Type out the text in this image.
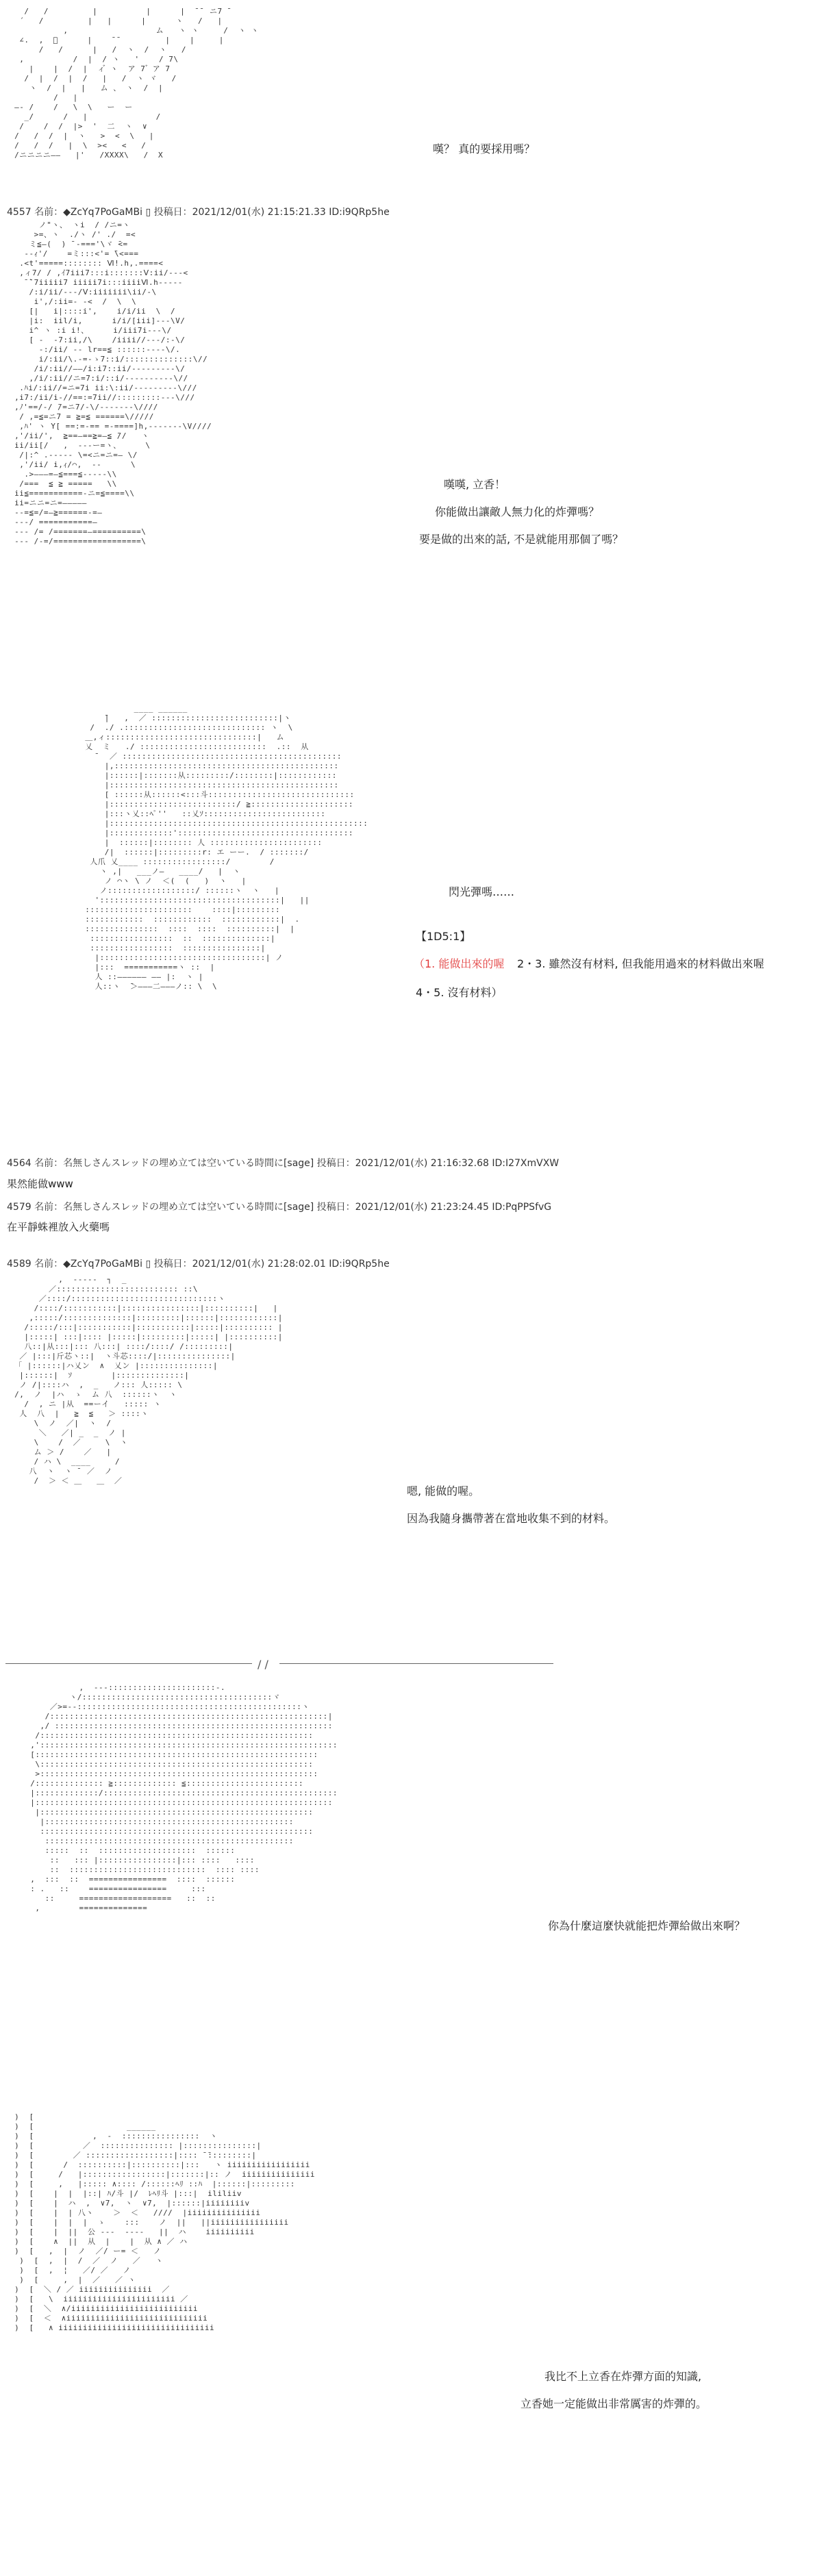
/   /         |          |      |  ̄ ̄  ニ7 ̄
´   /         |   |      |      ヽ   /   |
,                  ム   ヽ ヽ     /  ヽ ヽ
∠.  ,  ゚      |    ̄ ̄          |    |     |
/   /      |   /  ヽ  /  ヽ   /
,          /  |  / ヽ   '    / 7\
|    |  /  |  ィ゙ ヽ  ア 7 ゙ ア 7
/  |  /  |  /   |   /  ヽ ヾ   /
ヽ  /  |   |   ム 、 ヽ  /  |
/   |
—- /    /   \  \   ー  ー
_/      /   |              /
/    /  /  |>  '  二  ヽ  ∨
/   /  /  |  ヽ   >  <  \   |
/   /  /   |  \  ><   <   /
/ニニニニ——   |'   /XXXX\   /  X	嘆？ 真的要採用嗎？
4557 名前：◆ZcYq7PoGaMBi ▯ 投稿日：2021/12/01(水) 21:15:21.33 ID:i9QRp5he
ノ"ヽ、 ヽi  / /ニ=ヽ
>=、ヽ  ./ヽ /' ./  =<
ミ≦—(  ) ̄ -==='\ヾ ̄<=
--ｨ'/    =ミ:::<'= ̄\<===
.<t'=====:::::::: Ⅵ!.h,.====<
,ィ7/ / ,ｲ7iii7:::i:::::::Ⅴ:ii/---<
̄ ̄`7iiiii7 iiiii7i:::iiiiⅥ.h-----
/:i/ii/---/Ⅴ:iiiiiii\ii/-\
i',/:ii=- -<  /  \  \
[|   i|::::i',    i/i/ii  \  /
|i:  iil/i,      i/i/[iii]---\V/
i^ ヽ :i i!、     i/iii7i---\/
[ -  -7:ii,/\    /iiii//---/:-\/
-:/ii/ -- lr==≦ ::::::----\/.
i/:ii/\.-=-ゝ7::i/::::::::::::::\//
/i/:ii//——/i:i7::ii/---------\/
,/i/:ii//ニ=7:i/::i/----------\//
.ﾊi/:ii//=ニ=7i ii:\:ii/---------\///
,i7:/ii/i-//==:=7ii//:::::::::---\///
,ﾉ'==/-/ ̄/=ニ7/-\/-------\////
/ ,=≦=ニ7 = ≧=≦ ======\/////
,ﾊ' ヽ Y[ ==:=-== =-====]h,-------\V////
,'/ii/',  ≧==—==≧=—≦ ̄//   ヽ
ii/ii[/   ,  ---ー=ヽ、     \
/|:^ .----- \=<ニ=ニ=— \/
,'/ii/ i,ｨ/⌒,  --      \
.>———=—≦===≦-----\\
/===  ≦ ≧ =====   \\
ii≦===========-ニ=≦====\\
ii=ニニ=ニ=—————
--=≦=/=—≧======-=—
---/ ===========—
--- /= /=======—==========\
--- /-=/==================\
嘆嘆, 立香！
你能做出讓敵人無力化的炸彈嗎？
要是做的出來的話, 不是就能用那個了嗎？
____ ______
̄|   ,  ／ ::::::::::::::::::::::::::|ヽ
/  ./ .::::::::::::::::::::::::::::: ヽ  \
＿,ィ:::::::::::::::::::::::::::::::|   ム
乂  ミ   ./ ::::::::::::::::::::::::::  .::  从
̄   ／ :::::::::::::::::::::::::::::::::::::::::::::
|,::::::::::::::::::::::::::::::::::::::::::::::
|::::::|:::::::从:::::::::/::::::::|::::::::::::
|:::::::::::::::::::::::::::::::::::::::::::::::
[ ::::::从::::::<:::斗::::::::::::::::::::::::::::::
|::::::::::::::::::::::::::/ ≧:::::::::::::::::::::
|:::ヽ乂::ﾍﾟ''   ::乂ｿ:::::::::::::::::::::::::
|:::::::::::::::::::::::::::::::::::::::::::::::::::::
|:::::::::::::'::::::::::::::::::::::::::::::::::::
|  ::::::|:::::::: 人 :::::::::::::::::::::::
/|  ::::::|:::::::::r: エ ーー.  / :::::::/
人爪 乂____ :::::::::::::::::/        /
ヽ ,|   ___ノ―   ____/   |  ヽ
ノ ⌒ヽ \ ノ  ＜(  (   )  ヽ   |
ノ::::::::::::::::::/ ::::::ヽ  ヽ   |
':::::::::::::::::::::::::::::::::::::|   ||
::::::::::::::::::::::    ::::|:::::::::
::::::::::::  ::::::::::::  ::::::::::::|  .
:::::::::::::::  ::::  ::::  ::::::::::|  |
:::::::::::::::::  ::  ::::::::::::::|
:::::::::::::::::  ::::::::::::::::|
|::::::::::::::::::::::::::::::::::| ノ
|:::  ===========ヽ ::  |
人 ::—————— —— |:  ヽ |
人::ヽ  ̄＞———二———ノ:: \  \
閃光彈嗎……
【1D5:1】
（1. 能做出來的喔 2・3. 雖然沒有材料, 但我能用過來的材料做出來喔
4・5. 沒有材料）
4564 名前：名無しさんスレッドの埋め立ては空いている時間に[sage] 投稿日：2021/12/01(水) 21:16:32.68 ID:I27XmVXW
果然能做www
4579 名前：名無しさんスレッドの埋め立ては空いている時間に[sage] 投稿日：2021/12/01(水) 21:23:24.45 ID:PqPPSfvG
在平靜蛛裡放入火藥嗎
4589 名前：◆ZcYq7PoGaMBi ▯ 投稿日：2021/12/01(水) 21:28:02.01 ID:i9QRp5he
,  -----  ┐  _
／::::::::::::::::::::::::: ::\
／::::/::::::::::::::::::::::::::::::ヽ
/::::/:::::::::::|::::::::::::::::|::::::::::|   |
,:::::/::::::::::::::|:::::::::|::::::|::::::::::::|
/:::::/:::|:::::::::::|:::::::::::|:::::|:::::::::: |
|:::::| :::|:::: |:::::|:::::::::|:::::| |::::::::::|
八::|从:::|::: 八:::| ::::/::::/ /:::::::::|
／ |:::|斤芯ヽ::|  ヽ斗芯::::/|:::::::::::::::|
「 |::::::|ハ乂ン  ∧  乂ン |:::::::::::::::|
|::::::|  ｿ        |::::::::::::::|
ノ /|::::ハ  ,  _   ノ::: 人::::: \
/,  ノ  |ハ  ゝ  ム 八  ::::::ヽ  ヽ
/  , ニ |从  ==ーイ   ::::: ヽ
人  八  |   ≧  ≦   ＞ ::::ヽ
\  ノ  ／|  ヽ  /
＼   ／| _  _  ノ |
\    /  ／     \  ヽ
ム ＞ /    ／   |
/ ハ \  ____     /
八  ヽ  ヽ ̄  ／  ノ
/  ＞ ＜ ＿   ＿  ／
嗯, 能做的喔。
因為我隨身攜帶著在當地收集不到的材料。
/ /
,  ---::::::::::::::::::::::-.
ヽ/:::::::::::::::::::::::::::::::::::::::ヾ
／>=--::::::::::::::::::::::::::::::::::::::::::::::ヽ
/:::::::::::::::::::::::::::::::::::::::::::::::::::::::::|
,/ :::::::::::::::::::::::::::::::::::::::::::::::::::::::::
/::::::::::::::::::::::::::::::::::::::::::::::::::::::::
,':::::::::::::::::::::::::::::::::::::::::::::::::::::::::::::
[::::::::::::::::::::::::::::::::::::::::::::::::::::::::::
\::::::::::::::::::::::::::::::::::::::::::::::::::::::::
>:::::::::::::::::::::::::::::::::::::::::::::::::::::::::
/:::::::::::::: ≧::::::::::::: ≦::::::::::::::::::::::::
|:::::::::::::/::::::::::::::::::::::::::::::::::::::::::::::::
|:::::::::::::::::::::::::::::::::::::::::::::::::::::::::::::
|::::::::::::::::::::::::::::::::::::::::::::::::::::::::
|:::::::::::::::::::::::::::::::::::::::::::::::::::
::::::::::::::::::::::::::::::::::::::::::::::::::::::::
:::::::::::::::::::::::::::::::::::::::::::::::::::
:::::  ::  ::::::::::::::::::::  ::::::
::   ::: |::::::::::::::::|::: ::::   ::::
::  ::::::::::::::::::::::::::::  :::: ::::
,  :::  ::  ================  ::::  ::::::
: .   ::    ================     :::
::     ===================   ::  ::
,        ==============
你為什麼這麼快就能把炸彈給做出來啊？
)  [
)  [                   ______
)  [            ,  -  ::::::::::::::::  ヽ
)  [          ／  ::::::::::::::: |:::::::::::::::|
)  [        ／ ::::::::::::::::::|:::: ̄ ̄:::::::::|
)  [      /  ::::::::::|::::::::::|:::   ヽ iiiiiiiiiiiiiiiii
)  [     /   |:::::::::::::::::|:::::::|:: ノ  iiiiiiiiiiiiiii
)  [     ,   |::::: ∧:::: /::::::ﾍﾘ ::ﾊ  |::::::|:::::::::
)  [    |  |  |::| ﾊ/斗 |/  ﾚﾍﾘ斗 |:::|  ililiiv
)  [    |  ハ  ,  ∨7,  ヽ  ∨7,  |::::::|iiiiiiiiv
)  [    |  | 八ヽ    ＞  ＜   ////  |iiiiiiiiiiiiiii
)  [    |  |  |  ゝ    :::    ノ  ||   ||iiiiiiiiiiiiiiii
)  [    |  ||  公 ---  ----   ||  ハ    iiiiiiiiii
)  [    ∧  ||  从  |    |  从 ∧ ／ ハ
)  [   ,  |  ノ  ／/ ー= ＜   ノ
)  [  ,  |  /  ／  ノ   ／   ヽ
)  [  ,  ¦   ／/ ／   ノ
)  [     ,  |  ／   ／ ヽ
)  [  ＼ / ／ iiiiiiiiiiiiiii  ／
)  [   \  iiiiiiiiiiiiiiiiiiiiiii ／
)  [  ＼  ∧/iiiiiiiiiiiiiiiiiiiiiiiiii
)  [  ＜  ∧iiiiiiiiiiiiiiiiiiiiiiiiiiiii
)  [   ∧ iiiiiiiiiiiiiiiiiiiiiiiiiiiiiiii
我比不上立香在炸彈方面的知識,
立香她一定能做出非常厲害的炸彈的。
